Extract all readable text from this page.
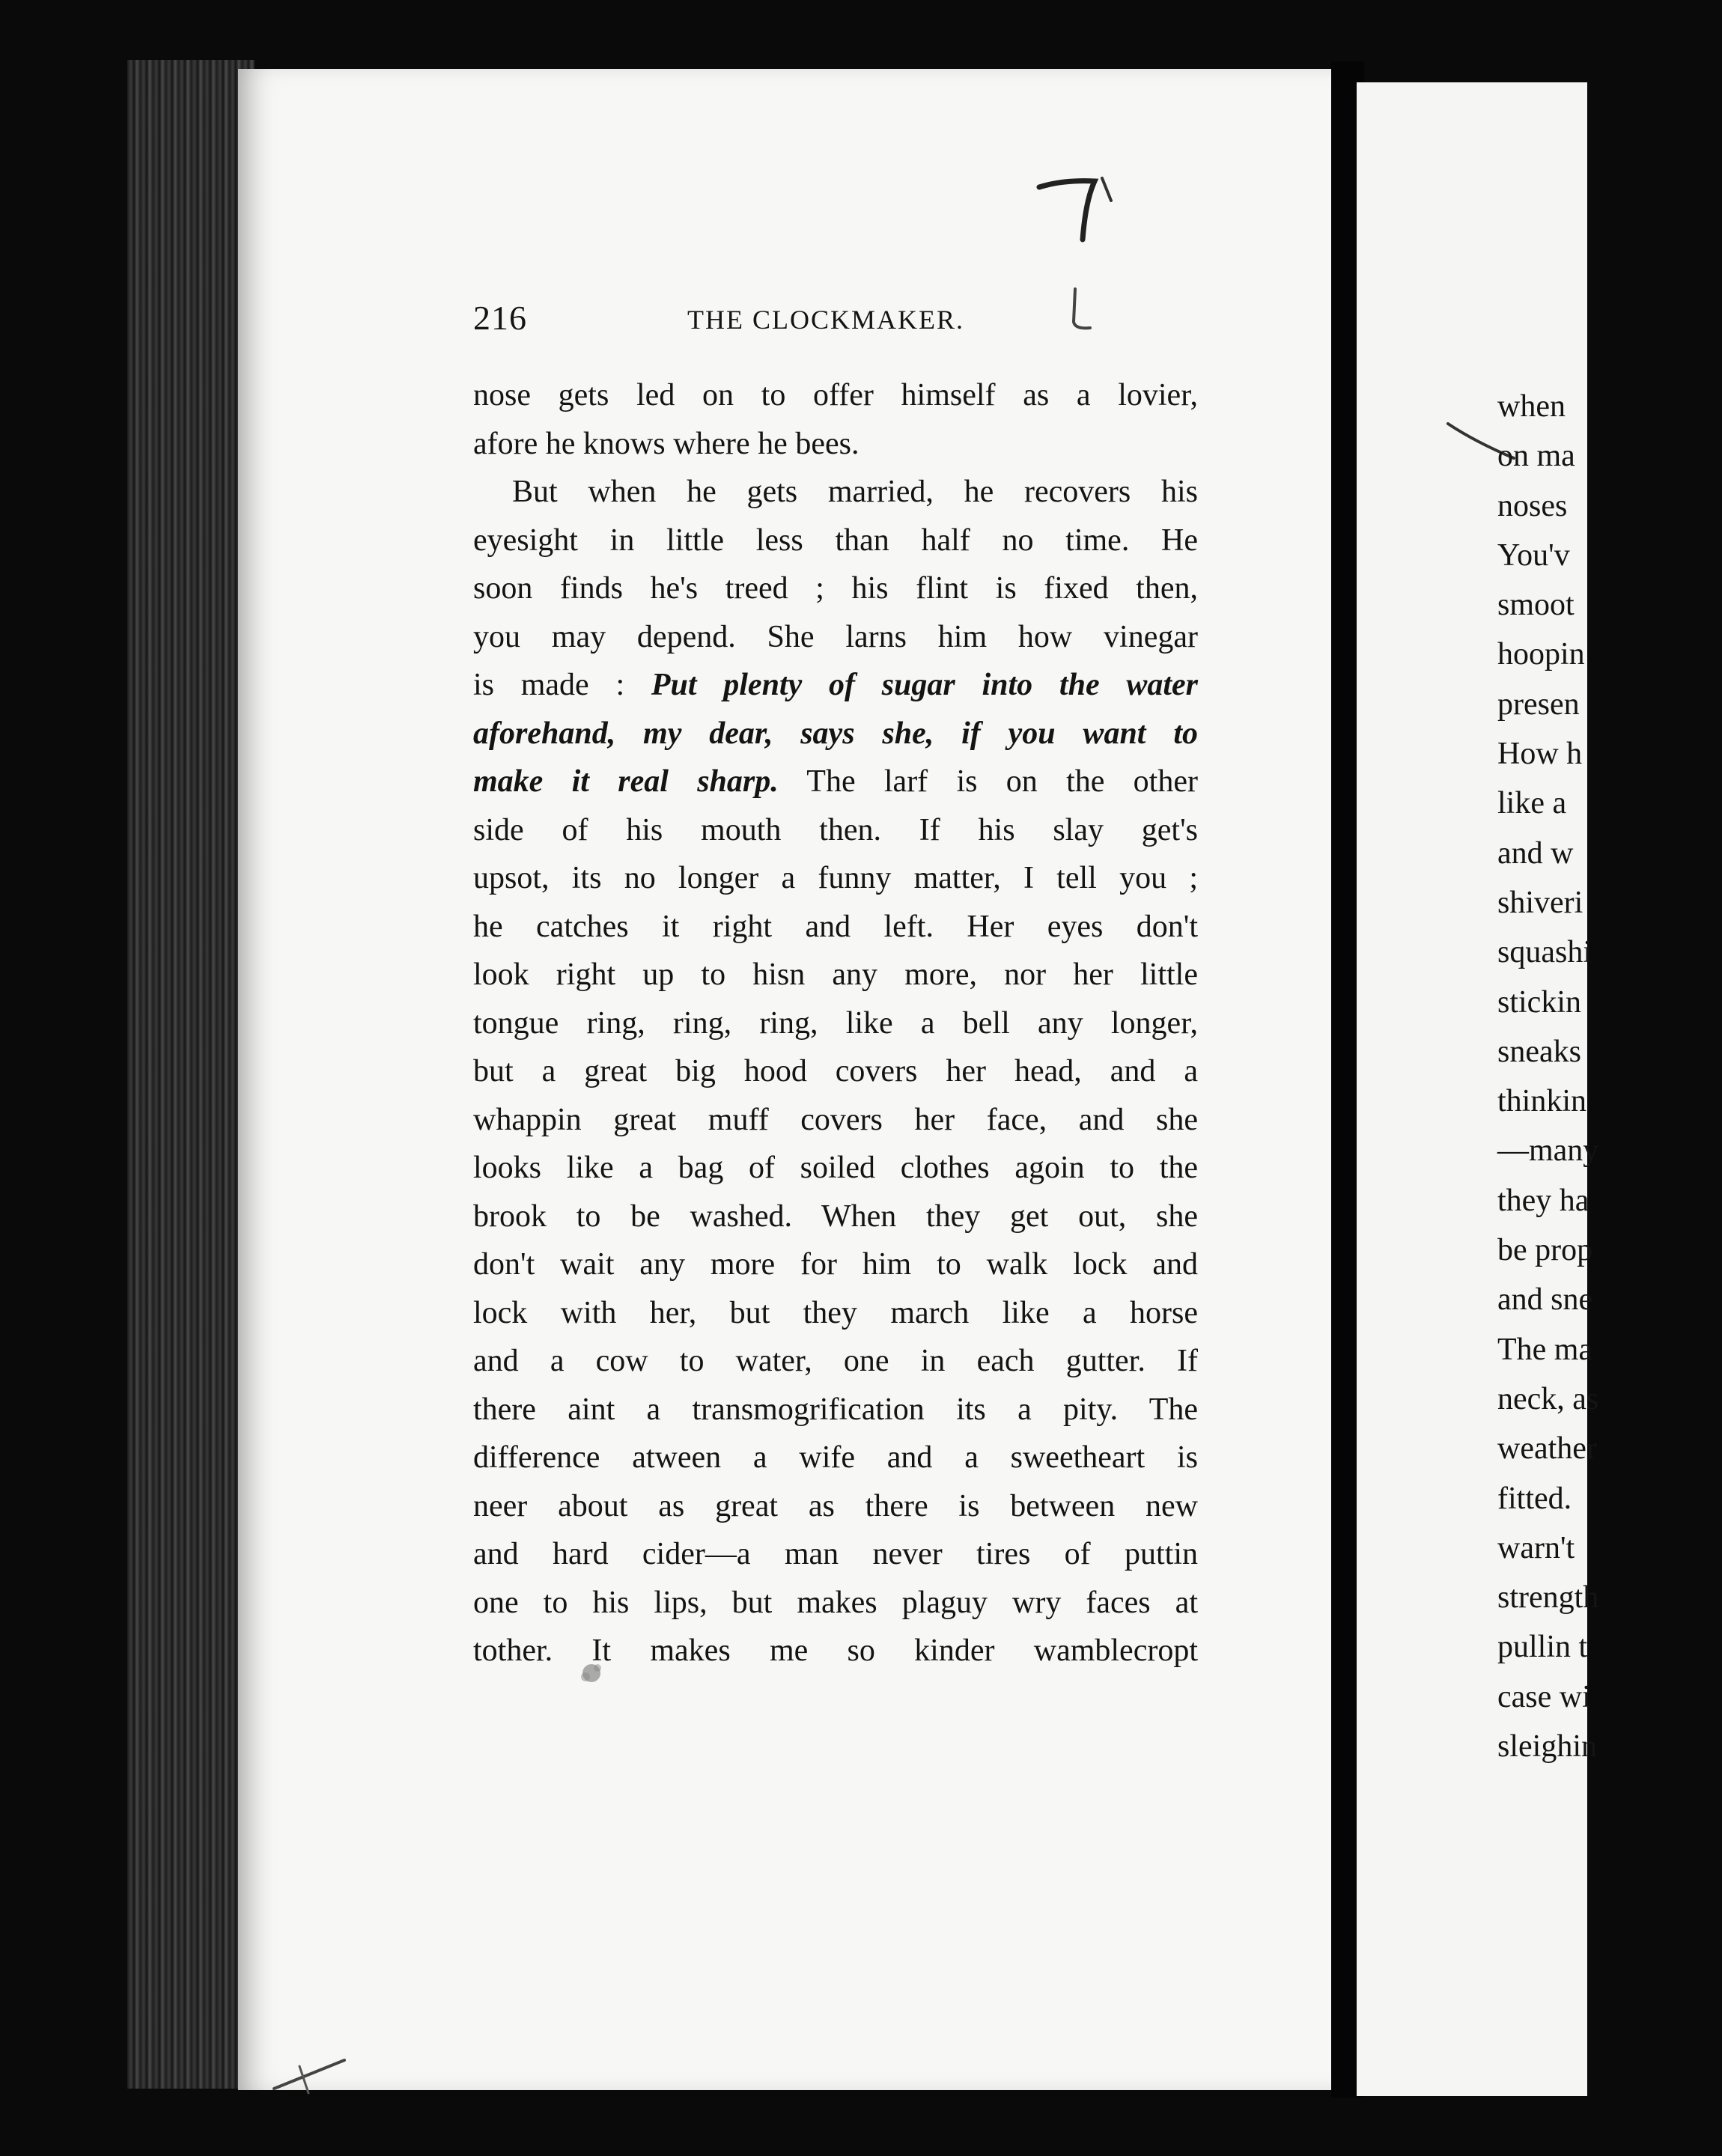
216	THE CLOCKMAKER.
nose gets led on to offer himself as a lovier,
afore he knows where he bees.
But when he gets married, he recovers his
eyesight in little less than half no time. He
soon finds he's treed ; his flint is fixed then,
you may depend. She larns him how vinegar
is made : Put plenty of sugar into the water
aforehand, my dear, says she, if you want to
make it real sharp. The larf is on the other
side of his mouth then. If his slay get's
upsot, its no longer a funny matter, I tell you ;
he catches it right and left. Her eyes don't
look right up to hisn any more, nor her little
tongue ring, ring, ring, like a bell any longer,
but a great big hood covers her head, and a
whappin great muff covers her face, and she
looks like a bag of soiled clothes agoin to the
brook to be washed. When they get out, she
don't wait any more for him to walk lock and
lock with her, but they march like a horse
and a cow to water, one in each gutter. If
there aint a transmogrification its a pity. The
difference atween a wife and a sweetheart is
neer about as great as there is between new
and hard cider—a man never tires of puttin
one to his lips, but makes plaguy wry faces at
tother. It makes me so kinder wamblecropt
when
on ma
noses
You'v
smoot
hoopin
presen
How h
like a
and w
shiveri
squashi
stickin
sneaks
thinkin
—many
they ha
be prop
and sne
The ma
neck, as
weather
fitted.
warn't
strength
pullin t
case wi
sleighin
